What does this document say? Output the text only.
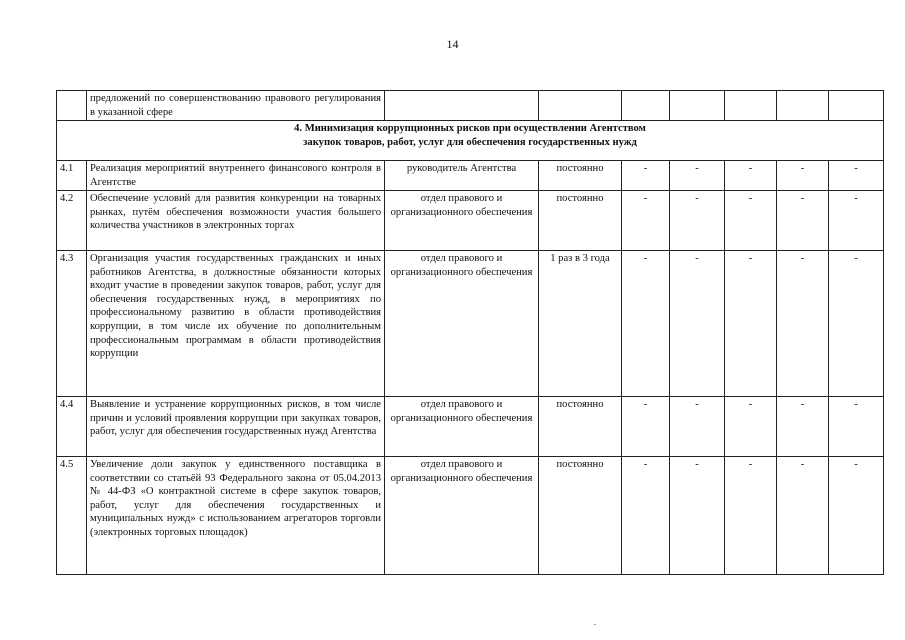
14
	предложений по совершенствованию правового регулирования в указанной сфере							

4. Минимизация коррупционных рисков при осуществлении Агентством
закупок товаров, работ, услуг для обеспечения государственных нужд								

4.1	Реализация мероприятий внутреннего финансового контроля в Агентстве	руководитель Агентства	постоянно	-	-	-	-	-
4.2	Обеспечение условий для развития конкуренции на товарных рынках, путём обеспечения возможности участия большего количества участников в электронных торгах	отдел правового и организационного обеспечения	постоянно	-	-	-	-	-
4.3	Организация участия государственных гражданских и иных работников Агентства, в должностные обязанности которых входит участие в проведении закупок товаров, работ, услуг для обеспечения государственных нужд, в мероприятиях по профессиональному развитию в области противодействия коррупции, в том числе их обучение по дополнительным профессиональным программам в области противодействия коррупции	отдел правового и организационного обеспечения	1 раз в 3 года	-	-	-	-	-
4.4	Выявление и устранение коррупционных рисков, в том числе причин и условий проявления коррупции при закупках товаров, работ, услуг для обеспечения государственных нужд Агентства	отдел правового и организационного обеспечения	постоянно	-	-	-	-	-
4.5	Увеличение доли закупок у единственного поставщика в соответствии со статьёй 93 Федерального закона от 05.04.2013 № 44-ФЗ «О контрактной системе в сфере закупок товаров, работ, услуг для обеспечения государственных и муниципальных нужд» с использованием агрегаторов торговли (электронных торговых площадок)	отдел правового и организационного обеспечения	постоянно	-	-	-	-	-
